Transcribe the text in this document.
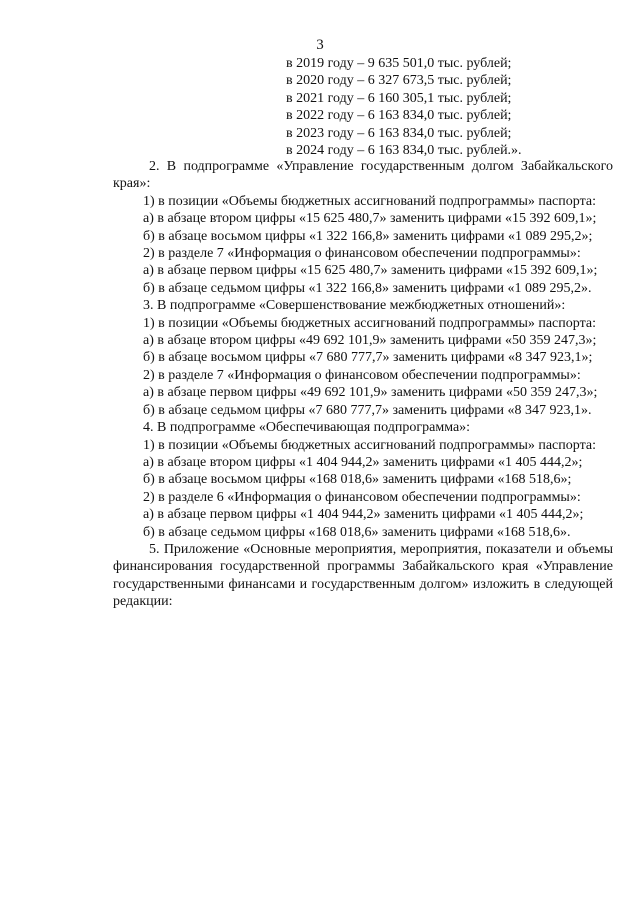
3
в 2019 году – 9 635 501,0 тыс. рублей;
в 2020 году – 6 327 673,5 тыс. рублей;
в 2021 году – 6 160 305,1 тыс. рублей;
в 2022 году – 6 163 834,0 тыс. рублей;
в 2023 году – 6 163 834,0 тыс. рублей;
в 2024 году – 6 163 834,0 тыс. рублей.».

2. В подпрограмме «Управление государственным долгом Забайкальского края»:

1) в позиции «Объемы бюджетных ассигнований подпрограммы» паспорта:

а) в абзаце втором цифры «15 625 480,7» заменить цифрами «15 392 609,1»;

б) в абзаце восьмом цифры «1 322 166,8» заменить цифрами «1 089 295,2»;

2) в разделе 7 «Информация о финансовом обеспечении подпрограммы»:

а) в абзаце первом цифры «15 625 480,7» заменить цифрами «15 392 609,1»;

б) в абзаце седьмом цифры «1 322 166,8» заменить цифрами «1 089 295,2».

3. В подпрограмме «Совершенствование межбюджетных отношений»:

1) в позиции «Объемы бюджетных ассигнований подпрограммы» паспорта:

а) в абзаце втором цифры «49 692 101,9» заменить цифрами «50 359 247,3»;

б) в абзаце восьмом цифры «7 680 777,7» заменить цифрами «8 347 923,1»;

2) в разделе 7 «Информация о финансовом обеспечении подпрограммы»:

а) в абзаце первом цифры «49 692 101,9» заменить цифрами «50 359 247,3»;

б) в абзаце седьмом цифры «7 680 777,7» заменить цифрами «8 347 923,1».

4. В подпрограмме «Обеспечивающая подпрограмма»:

1) в позиции «Объемы бюджетных ассигнований подпрограммы» паспорта:

а) в абзаце втором цифры «1 404 944,2» заменить цифрами «1 405 444,2»;

б) в абзаце восьмом цифры «168 018,6» заменить цифрами «168 518,6»;

2) в разделе 6 «Информация о финансовом обеспечении подпрограммы»:

а) в абзаце первом цифры «1 404 944,2» заменить цифрами «1 405 444,2»;

б) в абзаце седьмом цифры «168 018,6» заменить цифрами «168 518,6».

5. Приложение «Основные мероприятия, мероприятия, показатели и объемы финансирования государственной программы Забайкальского края «Управление государственными финансами и государственным долгом» изложить в следующей редакции:
